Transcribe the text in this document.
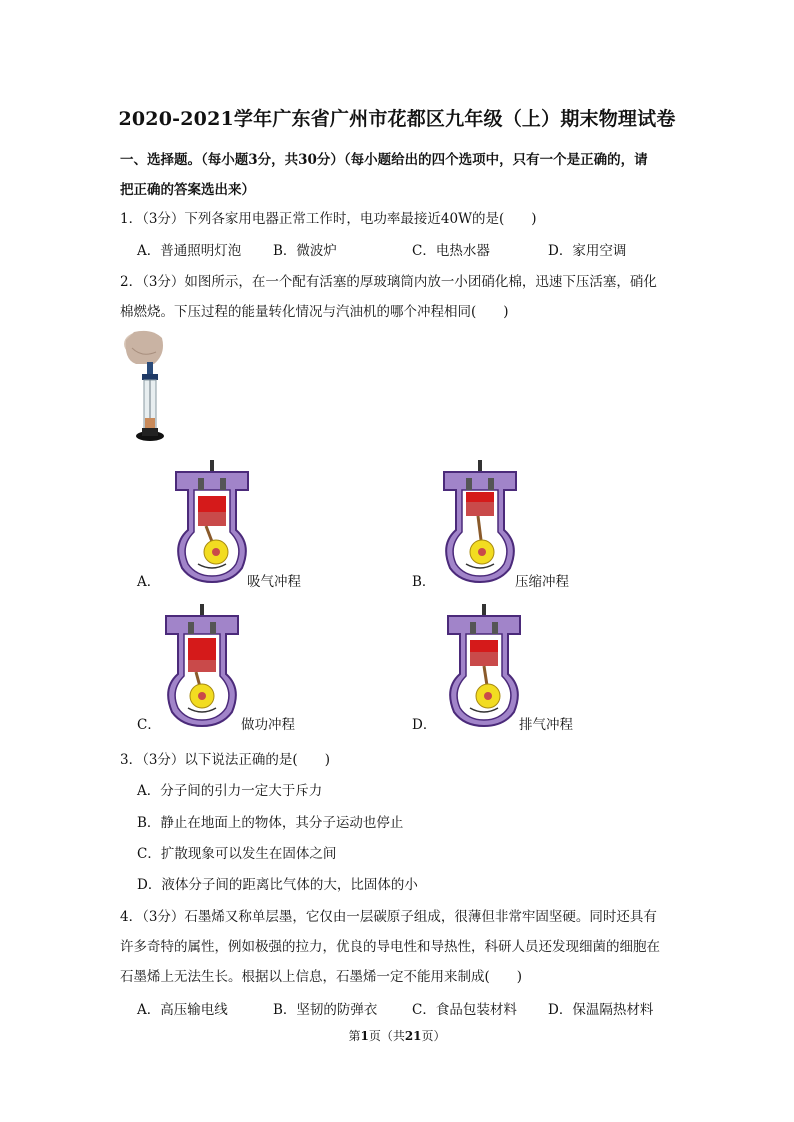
2020-2021学年广东省广州市花都区九年级（上）期末物理试卷
一、选择题。（每小题3分，共30分）（每小题给出的四个选项中，只有一个是正确的，请
把正确的答案选出来）
1．（3分）下列各家用电器正常工作时，电功率最接近40W的是(　　)
A．普通照明灯泡 B．微波炉	C．电热水器	D．家用空调
2．（3分）如图所示，在一个配有活塞的厚玻璃筒内放一小团硝化棉，迅速下压活塞，硝化
棉燃烧。下压过程的能量转化情况与汽油机的哪个冲程相同(　　)
A．	吸气冲程	B．	压缩冲程
C．	做功冲程	D．	排气冲程
3．（3分）以下说法正确的是(　　)
A．分子间的引力一定大于斥力
B．静止在地面上的物体，其分子运动也停止
C．扩散现象可以发生在固体之间
D．液体分子间的距离比气体的大，比固体的小
4．（3分）石墨烯又称单层墨，它仅由一层碳原子组成，很薄但非常牢固坚硬。同时还具有
许多奇特的属性，例如极强的拉力，优良的导电性和导热性，科研人员还发现细菌的细胞在
石墨烯上无法生长。根据以上信息，石墨烯一定不能用来制成(　　)
A．高压输电线	B．坚韧的防弹衣	C．食品包装材料 D．保温隔热材料
第1页（共21页）
